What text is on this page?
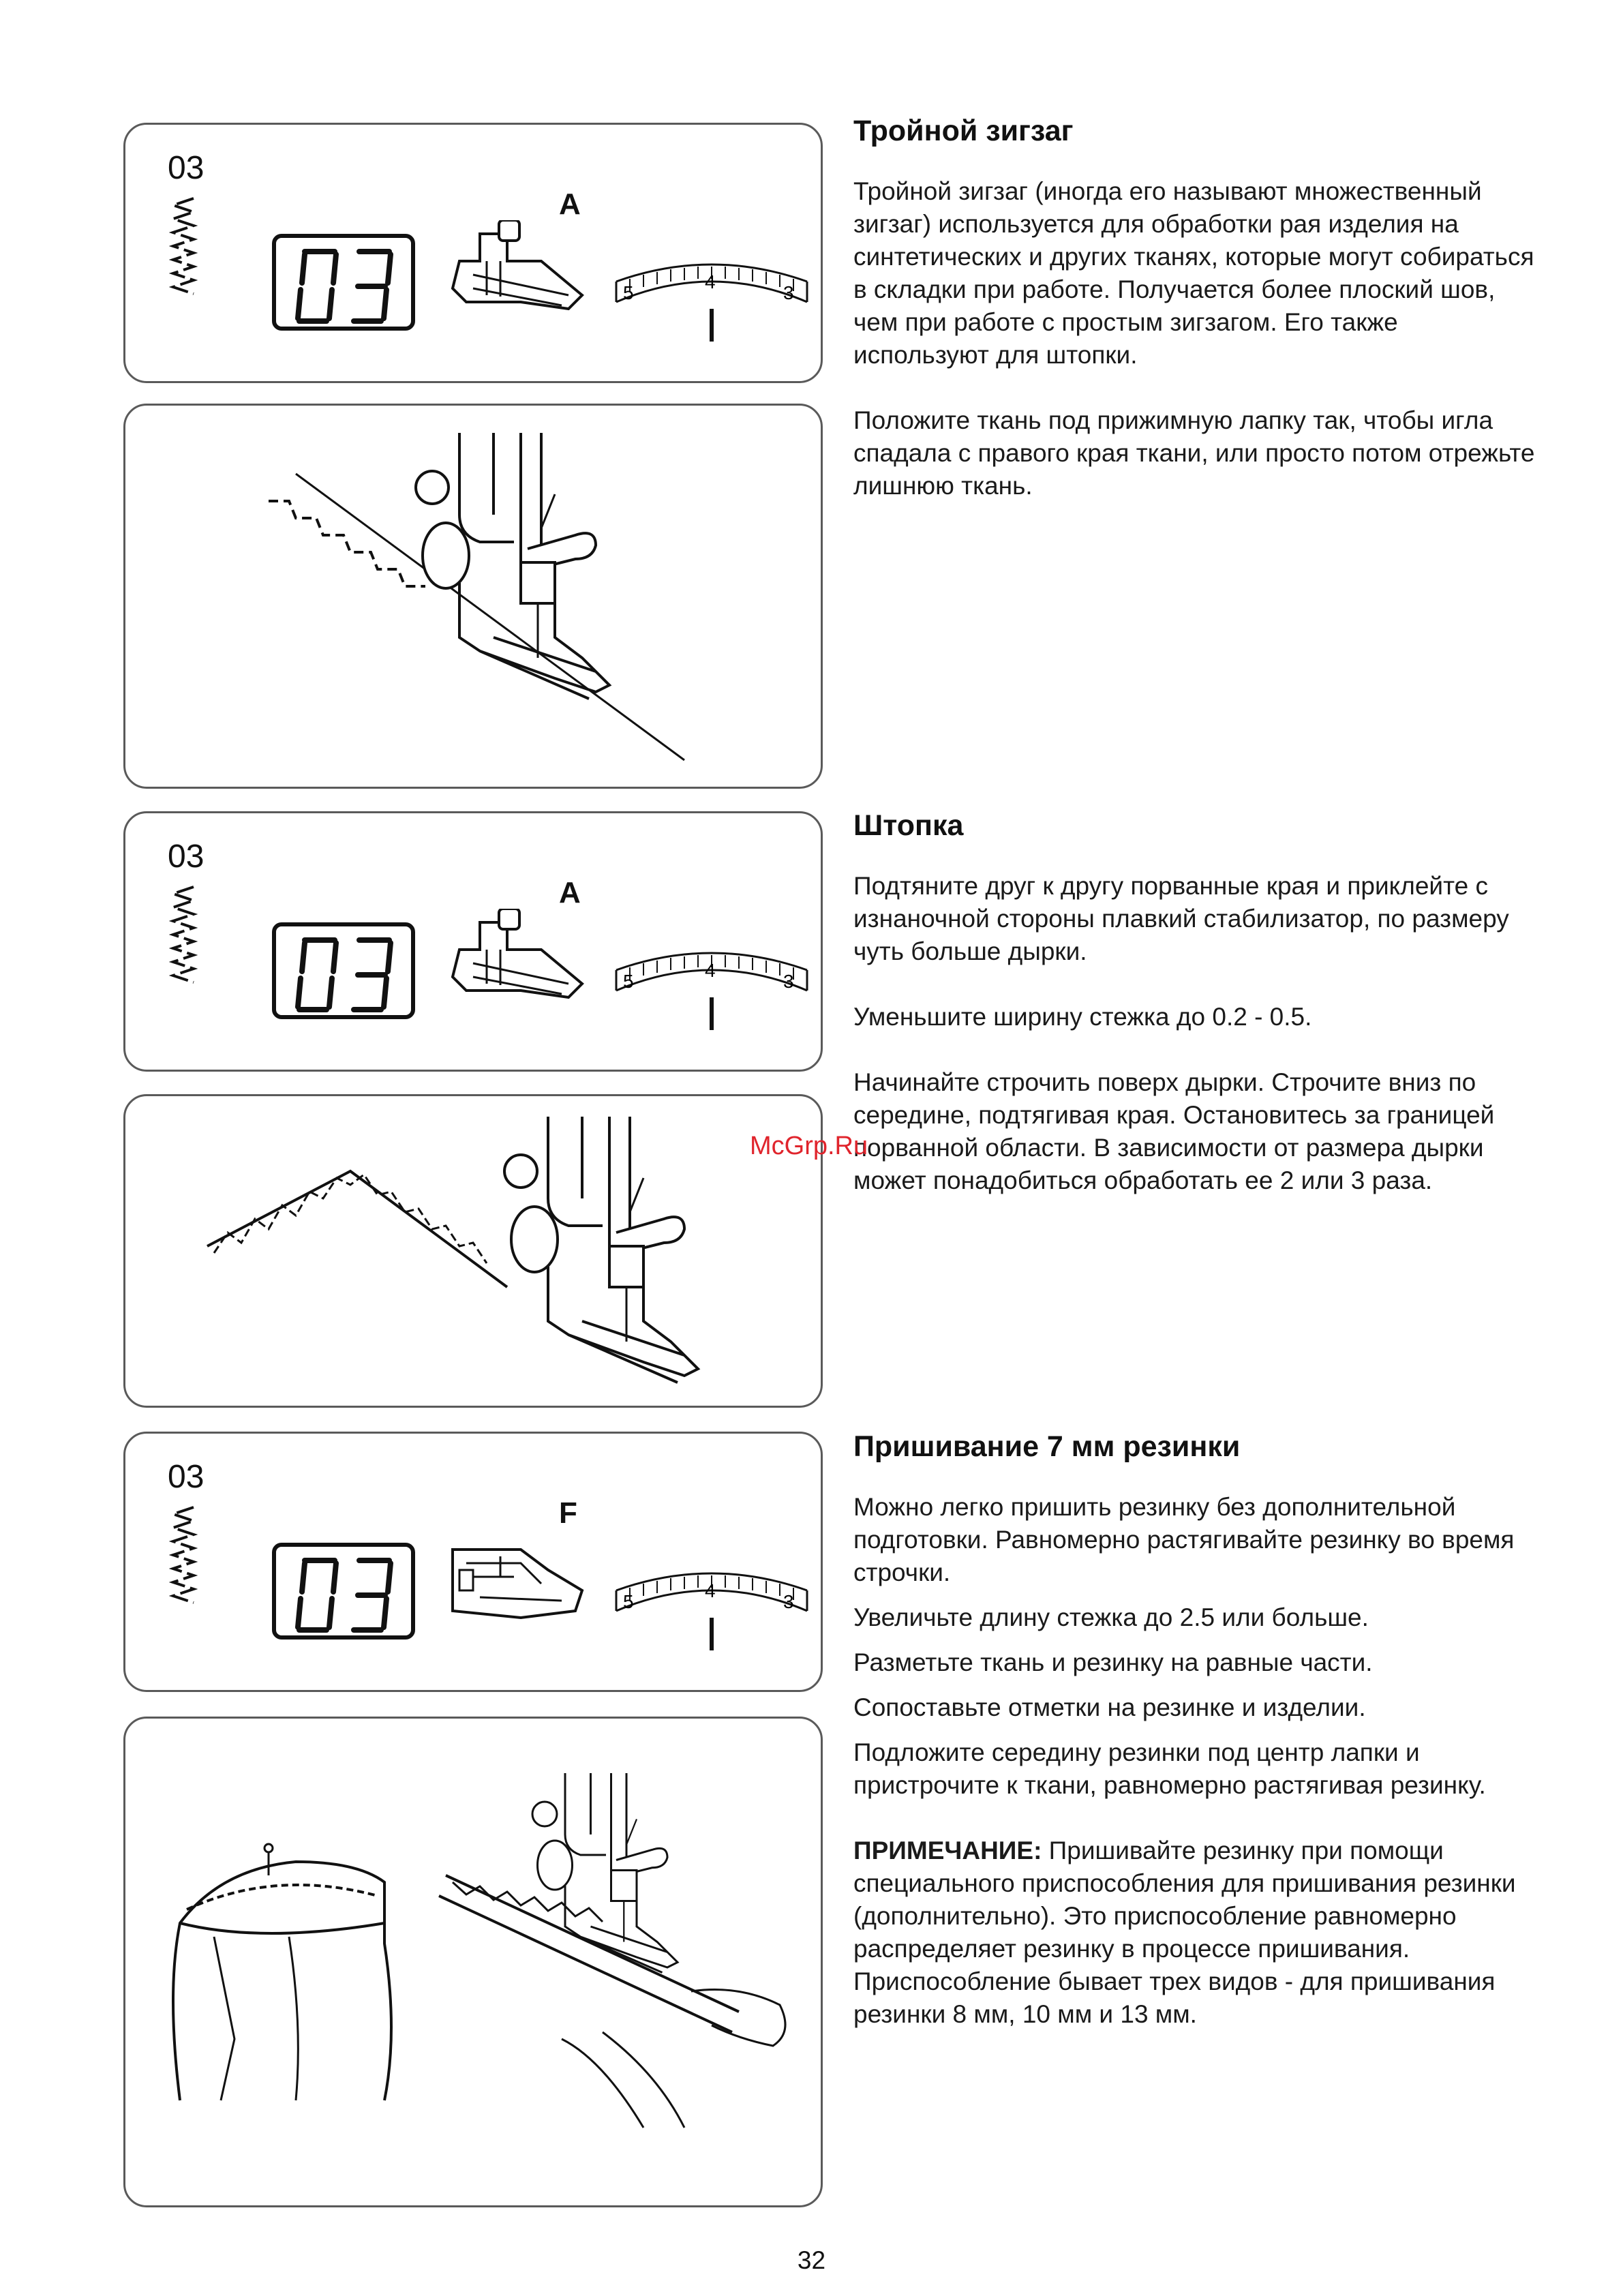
03
A
5
4
3
Тройной зигзаг

Тройной зигзаг (иногда его называют множественный зигзаг) используется для обработки рая изделия на синтетических и других тканях, которые могут собираться в складки при работе. Получается более плоский шов, чем при работе с простым зигзагом. Его также используют для штопки.

Положите ткань под прижимную лапку так, чтобы игла спадала с правого края ткани, или просто потом отрежьте лишнюю ткань.

03
A
5
4
3
Штопка

Подтяните друг к другу порванные края и приклейте с изнаночной стороны плавкий стабилизатор, по размеру чуть больше дырки.

Уменьшите ширину стежка до 0.2 - 0.5.

Начинайте строчить поверх дырки. Строчите вниз по середине, подтягивая края. Остановитесь за границей порванной области. В зависимости от размера дырки может понадобиться обработать ее 2 или 3 раза.

03
F
5
4
3
Пришивание 7 мм резинки

Можно легко пришить резинку без дополнительной подготовки. Равномерно растягивайте резинку во время строчки.

Увеличьте длину стежка до 2.5 или больше.

Разметьте ткань и резинку на равные части.

Сопоставьте отметки на резинке и изделии.

Подложите середину резинки под центр лапки и пристрочите к ткани, равномерно растягивая резинку.

ПРИМЕЧАНИЕ: Пришивайте резинку при помощи специального приспособления для пришивания резинки (дополнительно). Это приспособление равномерно распределяет резинку в процессе пришивания. Приспособление бывает трех видов - для пришивания резинки 8 мм, 10 мм и 13 мм.

McGrp.Ru
32
